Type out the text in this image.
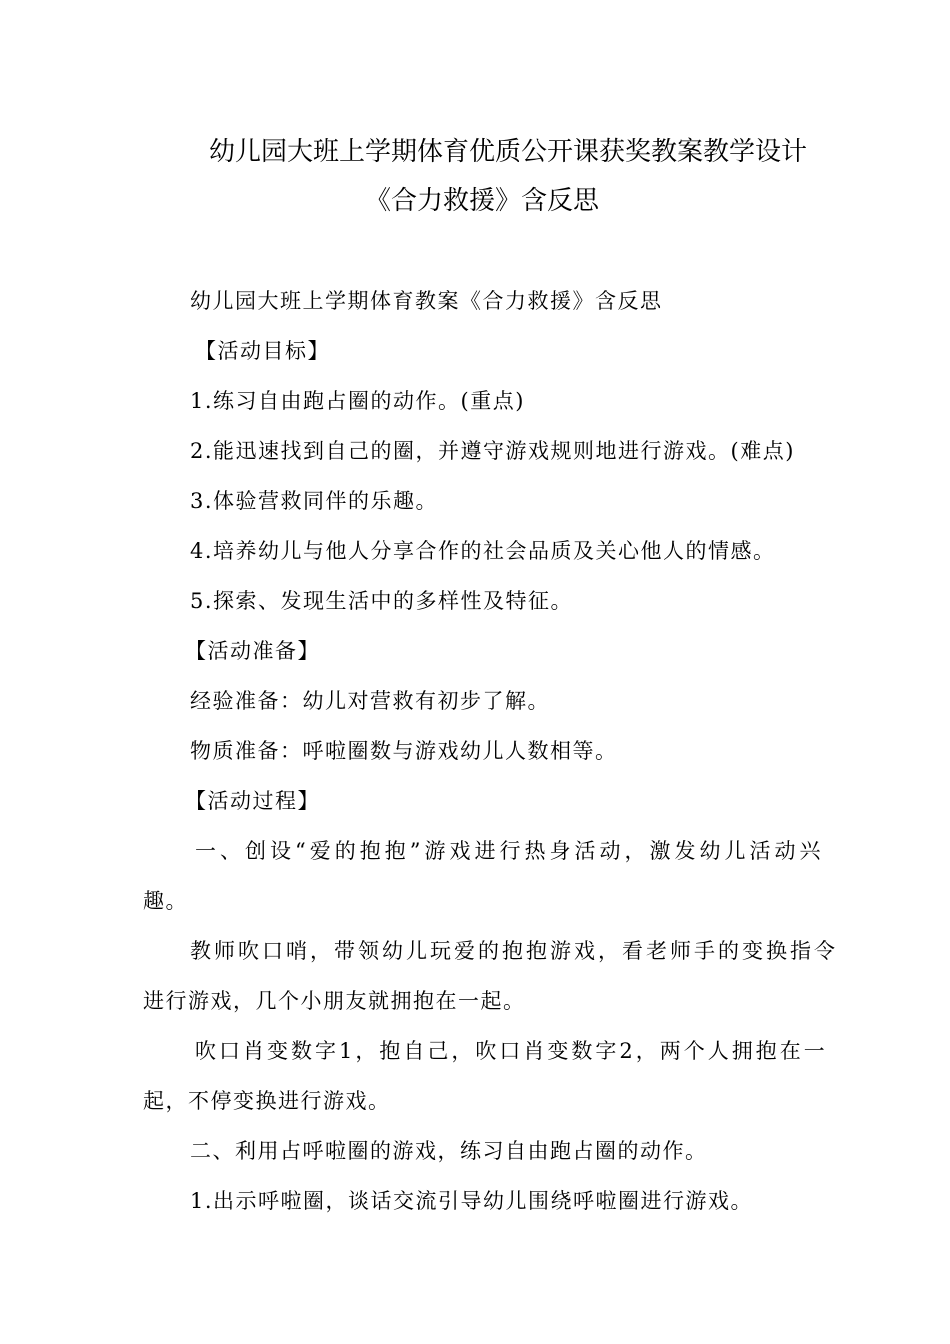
幼儿园大班上学期体育优质公开课获奖教案教学设计
《合力救援》含反思
幼儿园大班上学期体育教案《合力救援》含反思
【活动目标】
1.练习自由跑占圈的动作。(重点)
2.能迅速找到自己的圈，并遵守游戏规则地进行游戏。(难点)
3.体验营救同伴的乐趣。
4.培养幼儿与他人分享合作的社会品质及关心他人的情感。
5.探索、发现生活中的多样性及特征。
【活动准备】
经验准备：幼儿对营救有初步了解。
物质准备：呼啦圈数与游戏幼儿人数相等。
【活动过程】
一、创设“爱的抱抱”游戏进行热身活动，激发幼儿活动兴
趣。
教师吹口哨，带领幼儿玩爱的抱抱游戏，看老师手的变换指令
进行游戏，几个小朋友就拥抱在一起。
吹口肖变数字1，抱自己，吹口肖变数字2，两个人拥抱在一
起，不停变换进行游戏。
二、利用占呼啦圈的游戏，练习自由跑占圈的动作。
1.出示呼啦圈，谈话交流引导幼儿围绕呼啦圈进行游戏。
